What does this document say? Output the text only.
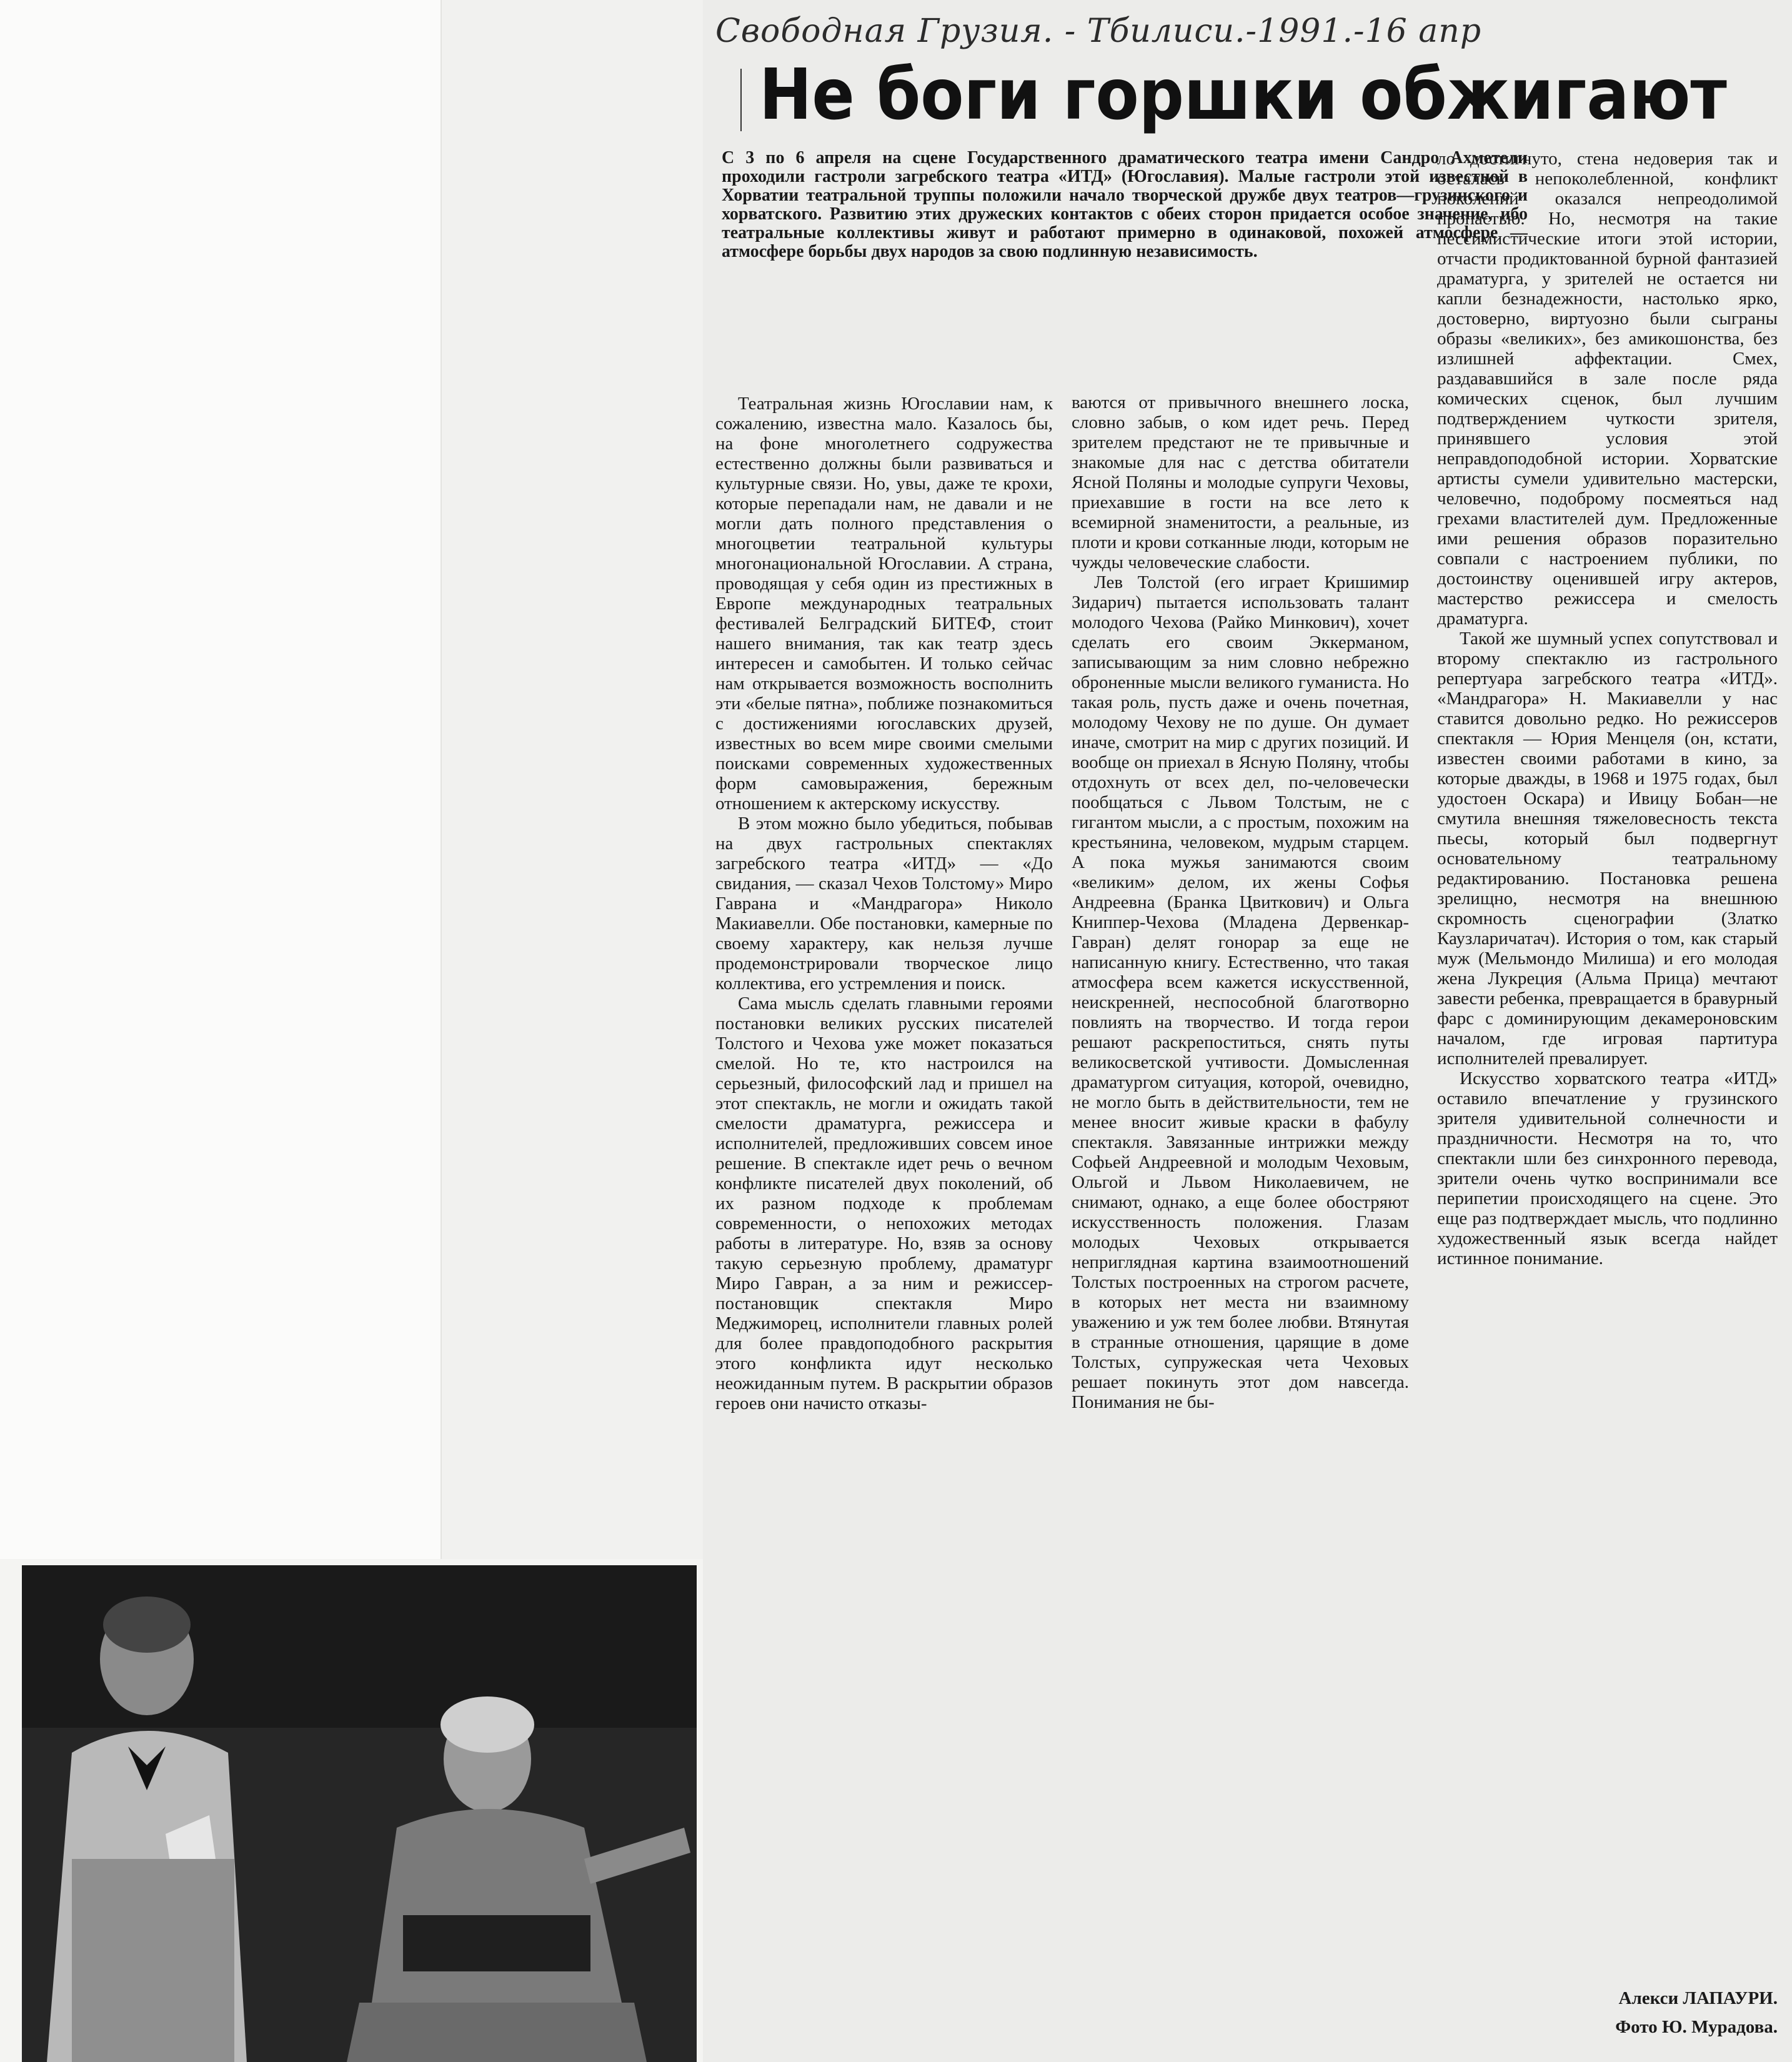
Свободная Грузия. - Тбилиси.-1991.-16 апр
Не боги горшки обжигают
С 3 по 6 апреля на сцене Государственного драматического театра имени Сандро Ахметели проходили гастроли загребского театра «ИТД» (Югославия). Малые гастроли этой известной в Хорватии театральной труппы положили начало творческой дружбе двух театров—грузинского и хорватского. Развитию этих дружеских контактов с обеих сторон придается особое значение, ибо театральные коллективы живут и работают примерно в одинаковой, похожей атмосфере — атмосфере борьбы двух народов за свою подлинную независимость.

Театральная жизнь Югославии нам, к сожалению, известна мало. Казалось бы, на фоне многолетнего содружества естественно должны были развиваться и культурные связи. Но, увы, даже те крохи, которые перепадали нам, не давали и не могли дать полного представления о многоцветии театральной культуры многонациональной Югославии. А страна, проводящая у себя один из престижных в Европе международных театральных фестивалей Белградский БИТЕФ, стоит нашего внимания, так как театр здесь интересен и самобытен. И только сейчас нам открывается возможность восполнить эти «белые пятна», поближе познакомиться с достижениями югославских друзей, известных во всем мире своими смелыми поисками современных художественных форм самовыражения, бережным отношением к актерскому искусству.

В этом можно было убедиться, побывав на двух гастрольных спектаклях загребского театра «ИТД» — «До свидания, — сказал Чехов Толстому» Миро Гаврана и «Мандрагора» Николо Макиавелли. Обе постановки, камерные по своему характеру, как нельзя лучше продемонстрировали творческое лицо коллектива, его устремления и поиск.

Сама мысль сделать главными героями постановки великих русских писателей Толстого и Чехова уже может показаться смелой. Но те, кто настроился на серьезный, философский лад и пришел на этот спектакль, не могли и ожидать такой смелости драматурга, режиссера и исполнителей, предложивших совсем иное решение. В спектакле идет речь о вечном конфликте писателей двух поколений, об их разном подходе к проблемам современности, о непохожих методах работы в литературе. Но, взяв за основу такую серьезную проблему, драматург Миро Гавран, а за ним и режиссер-постановщик спектакля Миро Меджиморец, исполнители главных ролей для более правдоподобного раскрытия этого конфликта идут несколько неожиданным путем. В раскрытии образов героев они начисто отказы-

ваются от привычного внешнего лоска, словно забыв, о ком идет речь. Перед зрителем предстают не те привычные и знакомые для нас с детства обитатели Ясной Поляны и молодые супруги Чеховы, приехавшие в гости на все лето к всемирной знаменитости, а реальные, из плоти и крови сотканные люди, которым не чужды человеческие слабости.

Лев Толстой (его играет Кришимир Зидарич) пытается использовать талант молодого Чехова (Райко Минкович), хочет сделать его своим Эккерманом, записывающим за ним словно небрежно оброненные мысли великого гуманиста. Но такая роль, пусть даже и очень почетная, молодому Чехову не по душе. Он думает иначе, смотрит на мир с других позиций. И вообще он приехал в Ясную Поляну, чтобы отдохнуть от всех дел, по-человечески пообщаться с Львом Толстым, не с гигантом мысли, а с простым, похожим на крестьянина, человеком, мудрым старцем. А пока мужья занимаются своим «великим» делом, их жены Софья Андреевна (Бранка Цвиткович) и Ольга Книппер-Чехова (Младена Дервенкар-Гавран) делят гонорар за еще не написанную книгу. Естественно, что такая атмосфера всем кажется искусственной, неискренней, неспособной благотворно повлиять на творчество. И тогда герои решают раскрепоститься, снять путы великосветской учтивости. Домысленная драматургом ситуация, которой, очевидно, не могло быть в действительности, тем не менее вносит живые краски в фабулу спектакля. Завязанные интрижки между Софьей Андреевной и молодым Чеховым, Ольгой и Львом Николаевичем, не снимают, однако, а еще более обостряют искусственность положения. Глазам молодых Чеховых открывается неприглядная картина взаимоотношений Толстых построенных на строгом расчете, в которых нет места ни взаимному уважению и уж тем более любви. Втянутая в странные отношения, царящие в доме Толстых, супружеская чета Чеховых решает покинуть этот дом навсегда. Понимания не бы-

ло достигнуто, стена недоверия так и осталась непоколебленной, конфликт поколений оказался непреодолимой пропастью. Но, несмотря на такие пессимистические итоги этой истории, отчасти продиктованной бурной фантазией драматурга, у зрителей не остается ни капли безнадежности, настолько ярко, достоверно, виртуозно были сыграны образы «великих», без амикошонства, без излишней аффектации. Смех, раздававшийся в зале после ряда комических сценок, был лучшим подтверждением чуткости зрителя, принявшего условия этой неправдоподобной истории. Хорватские артисты сумели удивительно мастерски, человечно, подоброму посмеяться над грехами властителей дум. Предложенные ими решения образов поразительно совпали с настроением публики, по достоинству оценившей игру актеров, мастерство режиссера и смелость драматурга.

Такой же шумный успех сопутствовал и второму спектаклю из гастрольного репертуара загребского театра «ИТД». «Мандрагора» Н. Макиавелли у нас ставится довольно редко. Но режиссеров спектакля — Юрия Менцеля (он, кстати, известен своими работами в кино, за которые дважды, в 1968 и 1975 годах, был удостоен Оскара) и Ивицу Бобан—не смутила внешняя тяжеловесность текста пьесы, который был подвергнут основательному театральному редактированию. Постановка решена зрелищно, несмотря на внешнюю скромность сценографии (Златко Каузларичатач). История о том, как старый муж (Мельмондо Милиша) и его молодая жена Лукреция (Альма Прица) мечтают завести ребенка, превращается в бравурный фарс с доминирующим декамероновским началом, где игровая партитура исполнителей превалирует.

Искусство хорватского театра «ИТД» оставило впечатление у грузинского зрителя удивительной солнечности и праздничности. Несмотря на то, что спектакли шли без синхронного перевода, зрители очень чутко воспринимали все перипетии происходящего на сцене. Это еще раз подтверждает мысль, что подлинно художественный язык всегда найдет истинное понимание.

Алекси ЛАПАУРИ.
Фото Ю. Мурадова.
